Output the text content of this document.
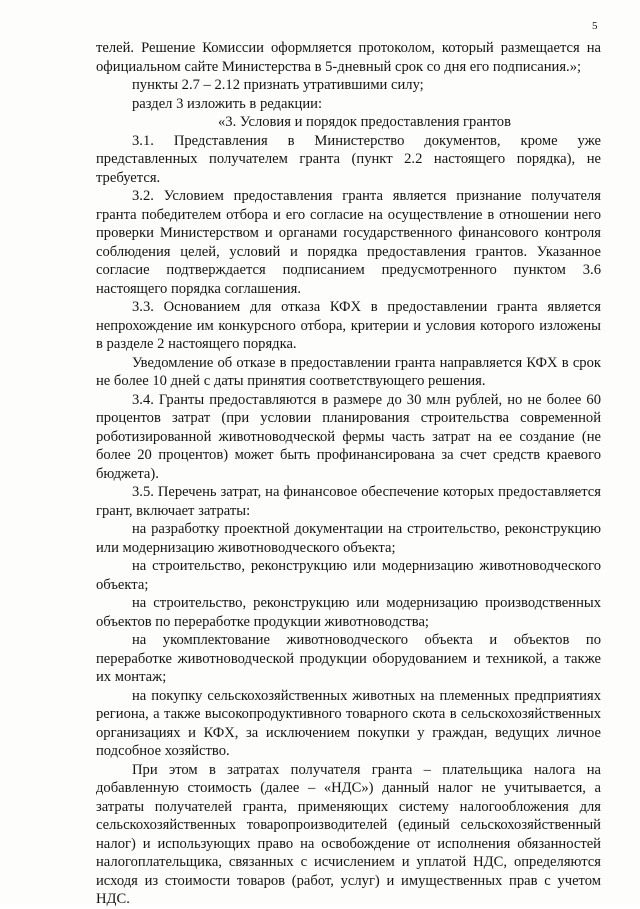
5

телей. Решение Комиссии оформляется протоколом, который размещается на официальном сайте Министерства в 5-дневный срок со дня его подписания.»;

пункты 2.7 – 2.12 признать утратившими силу;

раздел 3 изложить в редакции:

«3. Условия и порядок предоставления грантов

3.1. Представления в Министерство документов, кроме уже представленных получателем гранта (пункт 2.2 настоящего порядка), не требуется.

3.2. Условием предоставления гранта является признание получателя гранта победителем отбора и его согласие на осуществление в отношении него проверки Министерством и органами государственного финансового контроля соблюдения целей, условий и порядка предоставления грантов. Указанное согласие подтверждается подписанием предусмотренного пунктом 3.6 настоящего порядка соглашения.

3.3. Основанием для отказа КФХ в предоставлении гранта является непрохождение им конкурсного отбора, критерии и условия которого изложены в разделе 2 настоящего порядка.

Уведомление об отказе в предоставлении гранта направляется КФХ в срок не более 10 дней с даты принятия соответствующего решения.

3.4. Гранты предоставляются в размере до 30 млн рублей, но не более 60 процентов затрат (при условии планирования строительства современной роботизированной животноводческой фермы часть затрат на ее создание (не более 20 процентов) может быть профинансирована за счет средств краевого бюджета).

3.5. Перечень затрат, на финансовое обеспечение которых предоставляется грант, включает затраты:

на разработку проектной документации на строительство, реконструкцию или модернизацию животноводческого объекта;

на строительство, реконструкцию или модернизацию животноводческого объекта;

на строительство, реконструкцию или модернизацию производственных объектов по переработке продукции животноводства;

на укомплектование животноводческого объекта и объектов по переработке животноводческой продукции оборудованием и техникой, а также их монтаж;

на покупку сельскохозяйственных животных на племенных предприятиях региона, а также высокопродуктивного товарного скота в сельскохозяйственных организациях и КФХ, за исключением покупки у граждан, ведущих личное подсобное хозяйство.

При этом в затратах получателя гранта – плательщика налога на добавленную стоимость (далее – «НДС») данный налог не учитывается, а затраты получателей гранта, применяющих систему налогообложения для сельскохозяйственных товаропроизводителей (единый сельскохозяйственный налог) и использующих право на освобождение от исполнения обязанностей налогоплательщика, связанных с исчислением и уплатой НДС, определяются исходя из стоимости товаров (работ, услуг) и имущественных прав с учетом НДС.
